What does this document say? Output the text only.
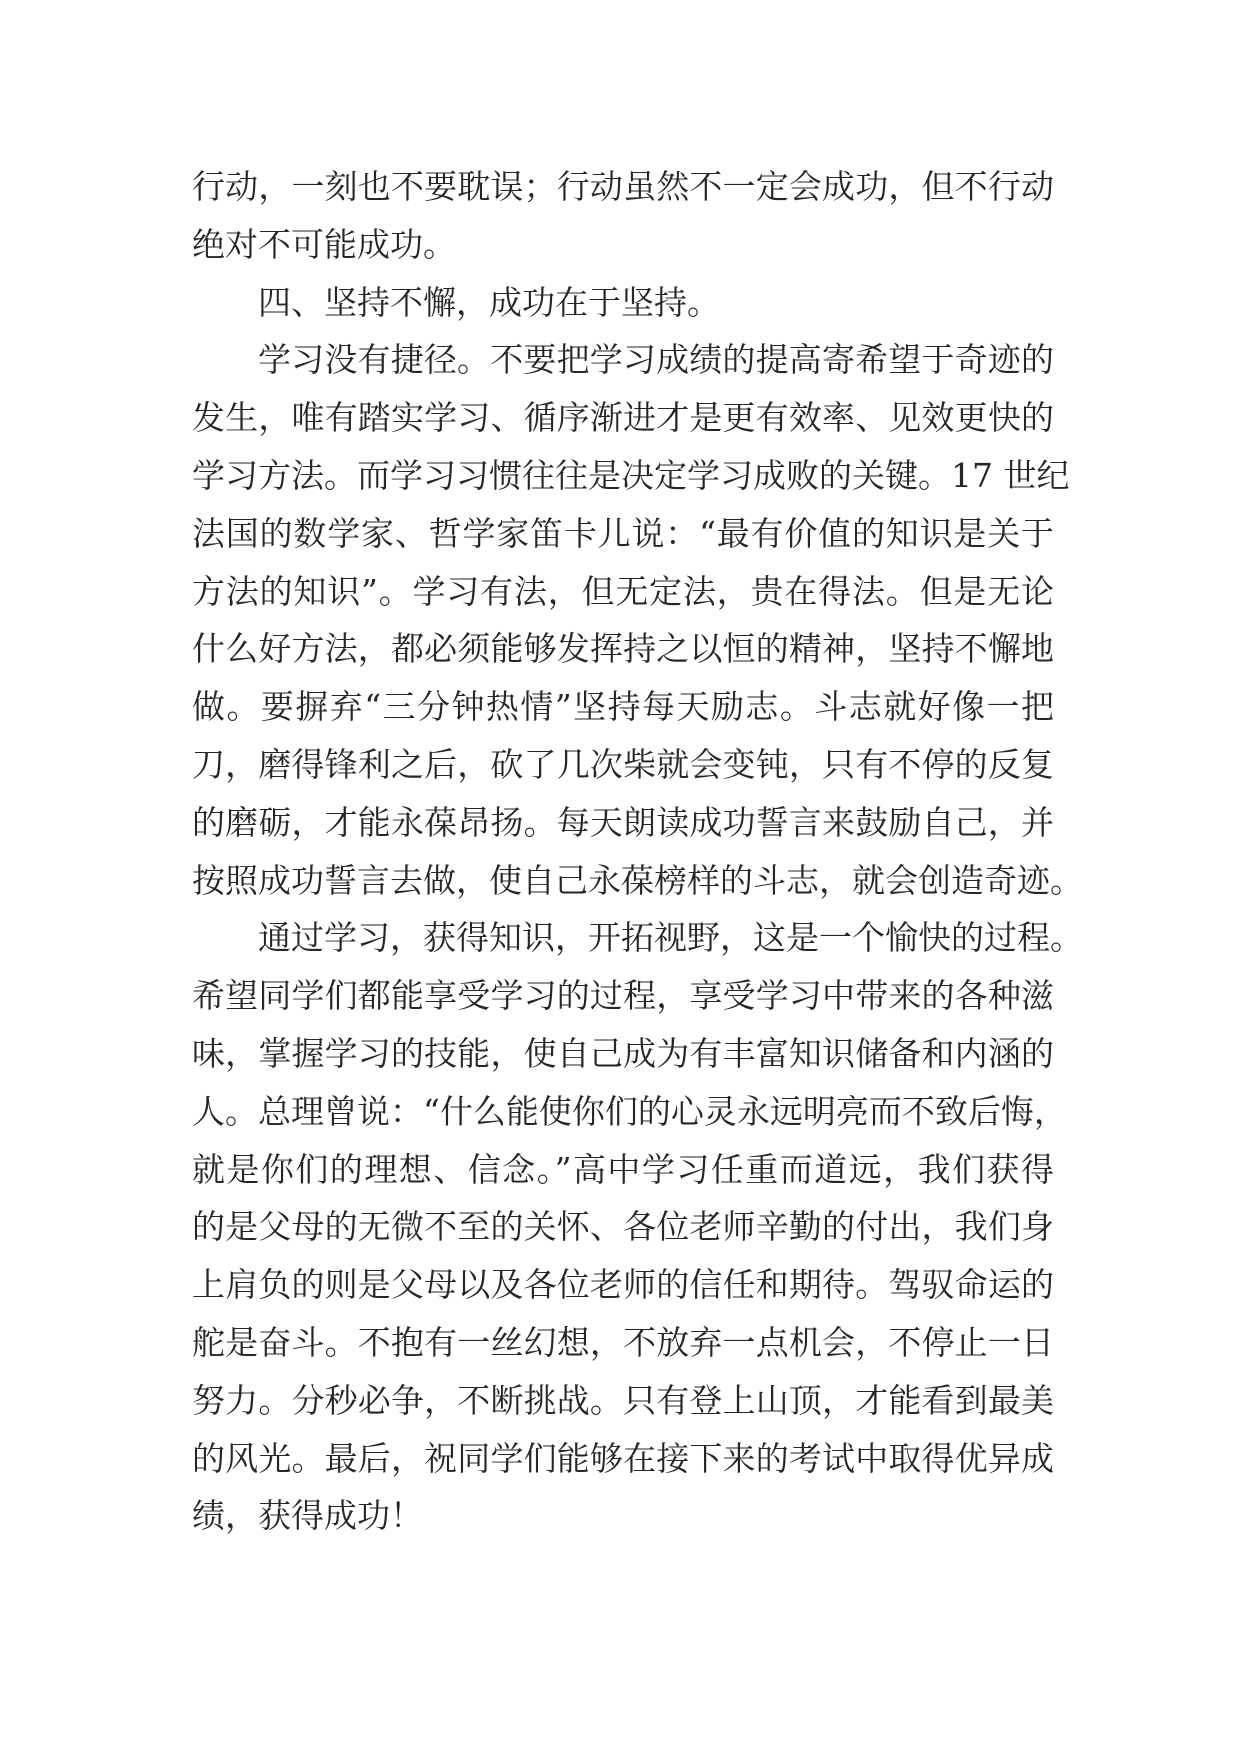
行动，一刻也不要耽误；行动虽然不一定会成功，但不行动
绝对不可能成功。
四、坚持不懈，成功在于坚持。
学习没有捷径。不要把学习成绩的提高寄希望于奇迹的
发生，唯有踏实学习、循序渐进才是更有效率、见效更快的
学习方法。而学习习惯往往是决定学习成败的关键。17 世纪
法国的数学家、哲学家笛卡儿说：“最有价值的知识是关于
方法的知识”。学习有法，但无定法，贵在得法。但是无论
什么好方法，都必须能够发挥持之以恒的精神，坚持不懈地
做。要摒弃“三分钟热情”坚持每天励志。斗志就好像一把
刀，磨得锋利之后，砍了几次柴就会变钝，只有不停的反复
的磨砺，才能永葆昂扬。每天朗读成功誓言来鼓励自己，并
按照成功誓言去做，使自己永葆榜样的斗志，就会创造奇迹。
通过学习，获得知识，开拓视野，这是一个愉快的过程。
希望同学们都能享受学习的过程，享受学习中带来的各种滋
味，掌握学习的技能，使自己成为有丰富知识储备和内涵的
人。总理曾说：“什么能使你们的心灵永远明亮而不致后悔，
就是你们的理想、信念。”高中学习任重而道远，我们获得
的是父母的无微不至的关怀、各位老师辛勤的付出，我们身
上肩负的则是父母以及各位老师的信任和期待。驾驭命运的
舵是奋斗。不抱有一丝幻想，不放弃一点机会，不停止一日
努力。分秒必争，不断挑战。只有登上山顶，才能看到最美
的风光。最后，祝同学们能够在接下来的考试中取得优异成
绩，获得成功！
